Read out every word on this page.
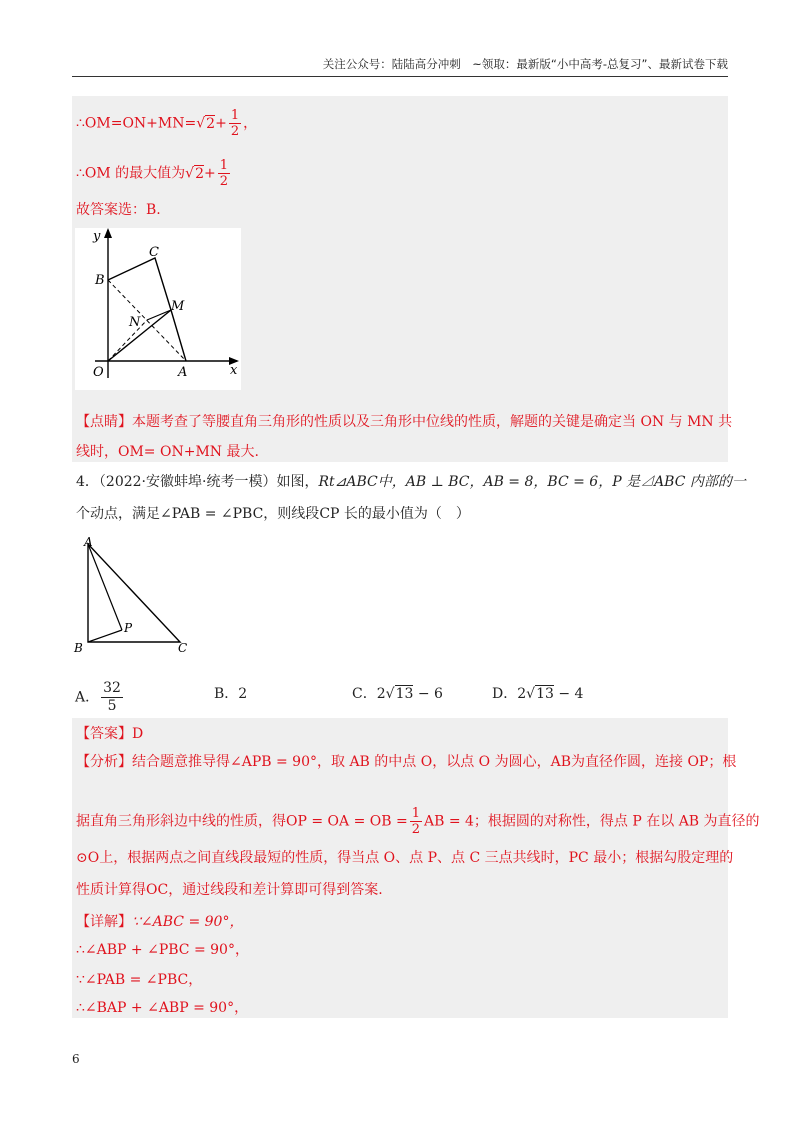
关注公众号：陆陆高分冲刺　~领取：最新版“小中高考-总复习”、最新试卷下载
∴OM=ON+MN=√2+ $\frac{1}{2}$ ，
∴OM 的最大值为$√2+ \frac{1}{2}$
故答案选：B.
y
C
B
M
N
O	A	x
【点睛】本题考查了等腰直角三角形的性质以及三角形中位线的性质，解题的关键是确定当 ON 与 MN 共
线时，OM= ON+MN 最大.
4．（2022·安徽蚌埠·统考一模）如图，Rt⊿ABC中，AB ⊥ BC，AB = 8，BC = 6，P 是⊿ABC 内部的一
个动点，满足∠PAB = ∠PBC，则线段CP 长的最小值为（　）
A
P
B	C
A． $\frac{32}{5}$	B．2	C．2√13 − 6	D．2√13 − 4
【答案】D
【分析】结合题意推导得∠APB = 90°，取 AB 的中点 O，以点 O 为圆心，AB为直径作圆，连接 OP；根
据直角三角形斜边中线的性质，得OP = OA = OB = $\frac{1}{2}$ AB = 4；根据圆的对称性，得点 P 在以 AB 为直径的
⊙O上，根据两点之间直线段最短的性质，得当点 O、点 P、点 C 三点共线时，PC 最小；根据勾股定理的
性质计算得OC，通过线段和差计算即可得到答案.
【详解】∵∠ABC = 90°，
∴∠ABP + ∠PBC = 90°，
∵∠PAB = ∠PBC，
∴∠BAP + ∠ABP = 90°，
6
